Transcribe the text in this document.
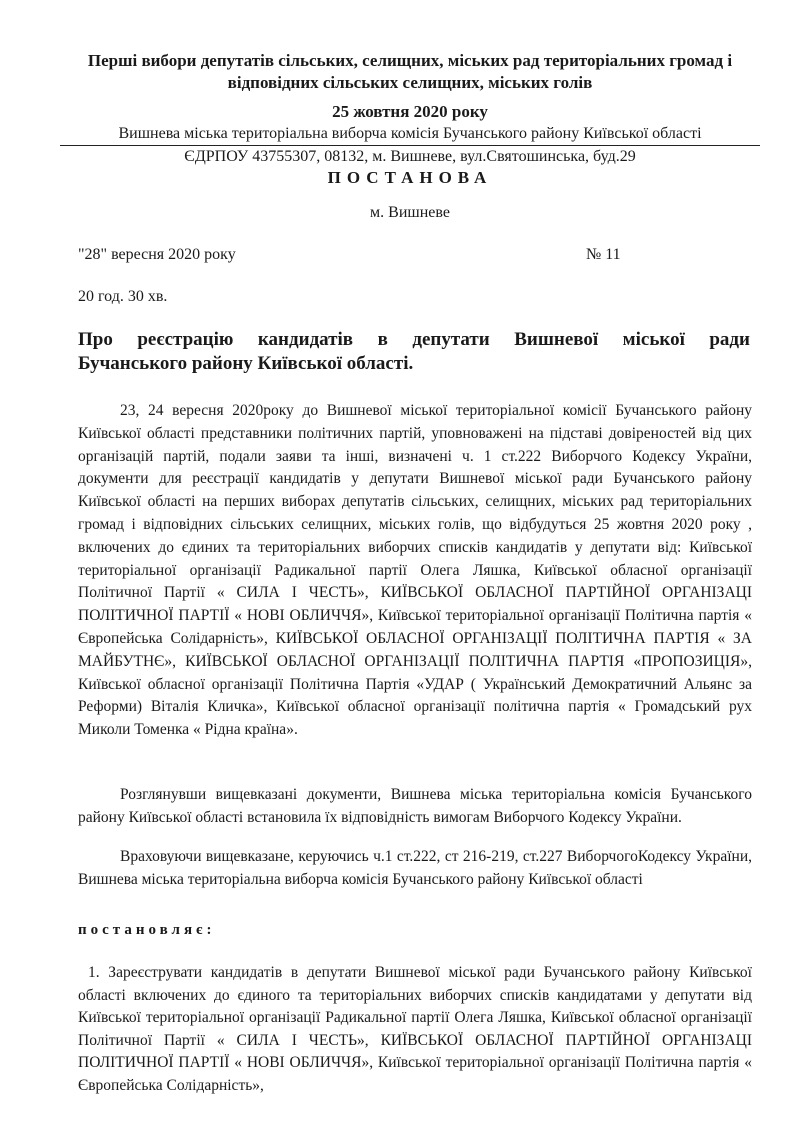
Перші вибори депутатів сільських, селищних, міських рад територіальних громад і
відповідних сільських селищних, міських голів
25 жовтня 2020 року
Вишнева міська територіальна виборча комісія Бучанського району Київської області
ЄДРПОУ 43755307, 08132, м. Вишневе, вул.Святошинська, буд.29
ПОСТАНОВА
м. Вишневе
"28" вересня 2020 року	№ 11
20 год. 30 хв.
Про реєстрацію кандидатів в депутати Вишневої міської ради
Бучанського району Київської області.
23, 24 вересня 2020року до Вишневої міської територіальної комісії Бучанського району Київської області представники політичних партій, уповноважені на підставі довіреностей від цих організацій партій, подали заяви та інші, визначені ч. 1 ст.222 Виборчого Кодексу України, документи для реєстрації кандидатів у депутати Вишневої міської ради Бучанського району Київської області на перших виборах депутатів сільських, селищних, міських рад територіальних громад і відповідних сільських селищних, міських голів, що відбудуться 25 жовтня 2020 року , включених до єдиних та територіальних виборчих списків кандидатів у депутати від: Київської територіальної організації Радикальної партії Олега Ляшка, Київської обласної організації Політичної Партії « СИЛА І ЧЕСТЬ», КИЇВСЬКОЇ ОБЛАСНОЇ ПАРТІЙНОЇ ОРГАНІЗАЦІ ПОЛІТИЧНОЇ ПАРТІЇ « НОВІ ОБЛИЧЧЯ», Київської територіальної організації Політична партія « Європейська Солідарність», КИЇВСЬКОЇ ОБЛАСНОЇ ОРГАНІЗАЦІЇ ПОЛІТИЧНА ПАРТІЯ « ЗА МАЙБУТНЄ», КИЇВСЬКОЇ ОБЛАСНОЇ ОРГАНІЗАЦІЇ ПОЛІТИЧНА ПАРТІЯ «ПРОПОЗИЦІЯ», Київської обласної організації Політична Партія «УДАР ( Український Демократичний Альянс за Реформи) Віталія Кличка», Київської обласної організації політична партія « Громадський рух Миколи Томенка « Рідна країна».
Розглянувши вищевказані документи, Вишнева міська територіальна комісія Бучанського району Київської області встановила їх відповідність вимогам Виборчого Кодексу України.
Враховуючи вищевказане, керуючись ч.1 ст.222, ст 216-219, ст.227 ВиборчогоКодексу України, Вишнева міська територіальна виборча комісія Бучанського району Київської області
постановляє:
1. Зареєструвати кандидатів в депутати Вишневої міської ради Бучанського району Київської області включених до єдиного та територіальних виборчих списків кандидатами у депутати від Київської територіальної організації Радикальної партії Олега Ляшка, Київської обласної організації Політичної Партії « СИЛА І ЧЕСТЬ», КИЇВСЬКОЇ ОБЛАСНОЇ ПАРТІЙНОЇ ОРГАНІЗАЦІ ПОЛІТИЧНОЇ ПАРТІЇ « НОВІ ОБЛИЧЧЯ», Київської територіальної організації Політична партія « Європейська Солідарність»,
